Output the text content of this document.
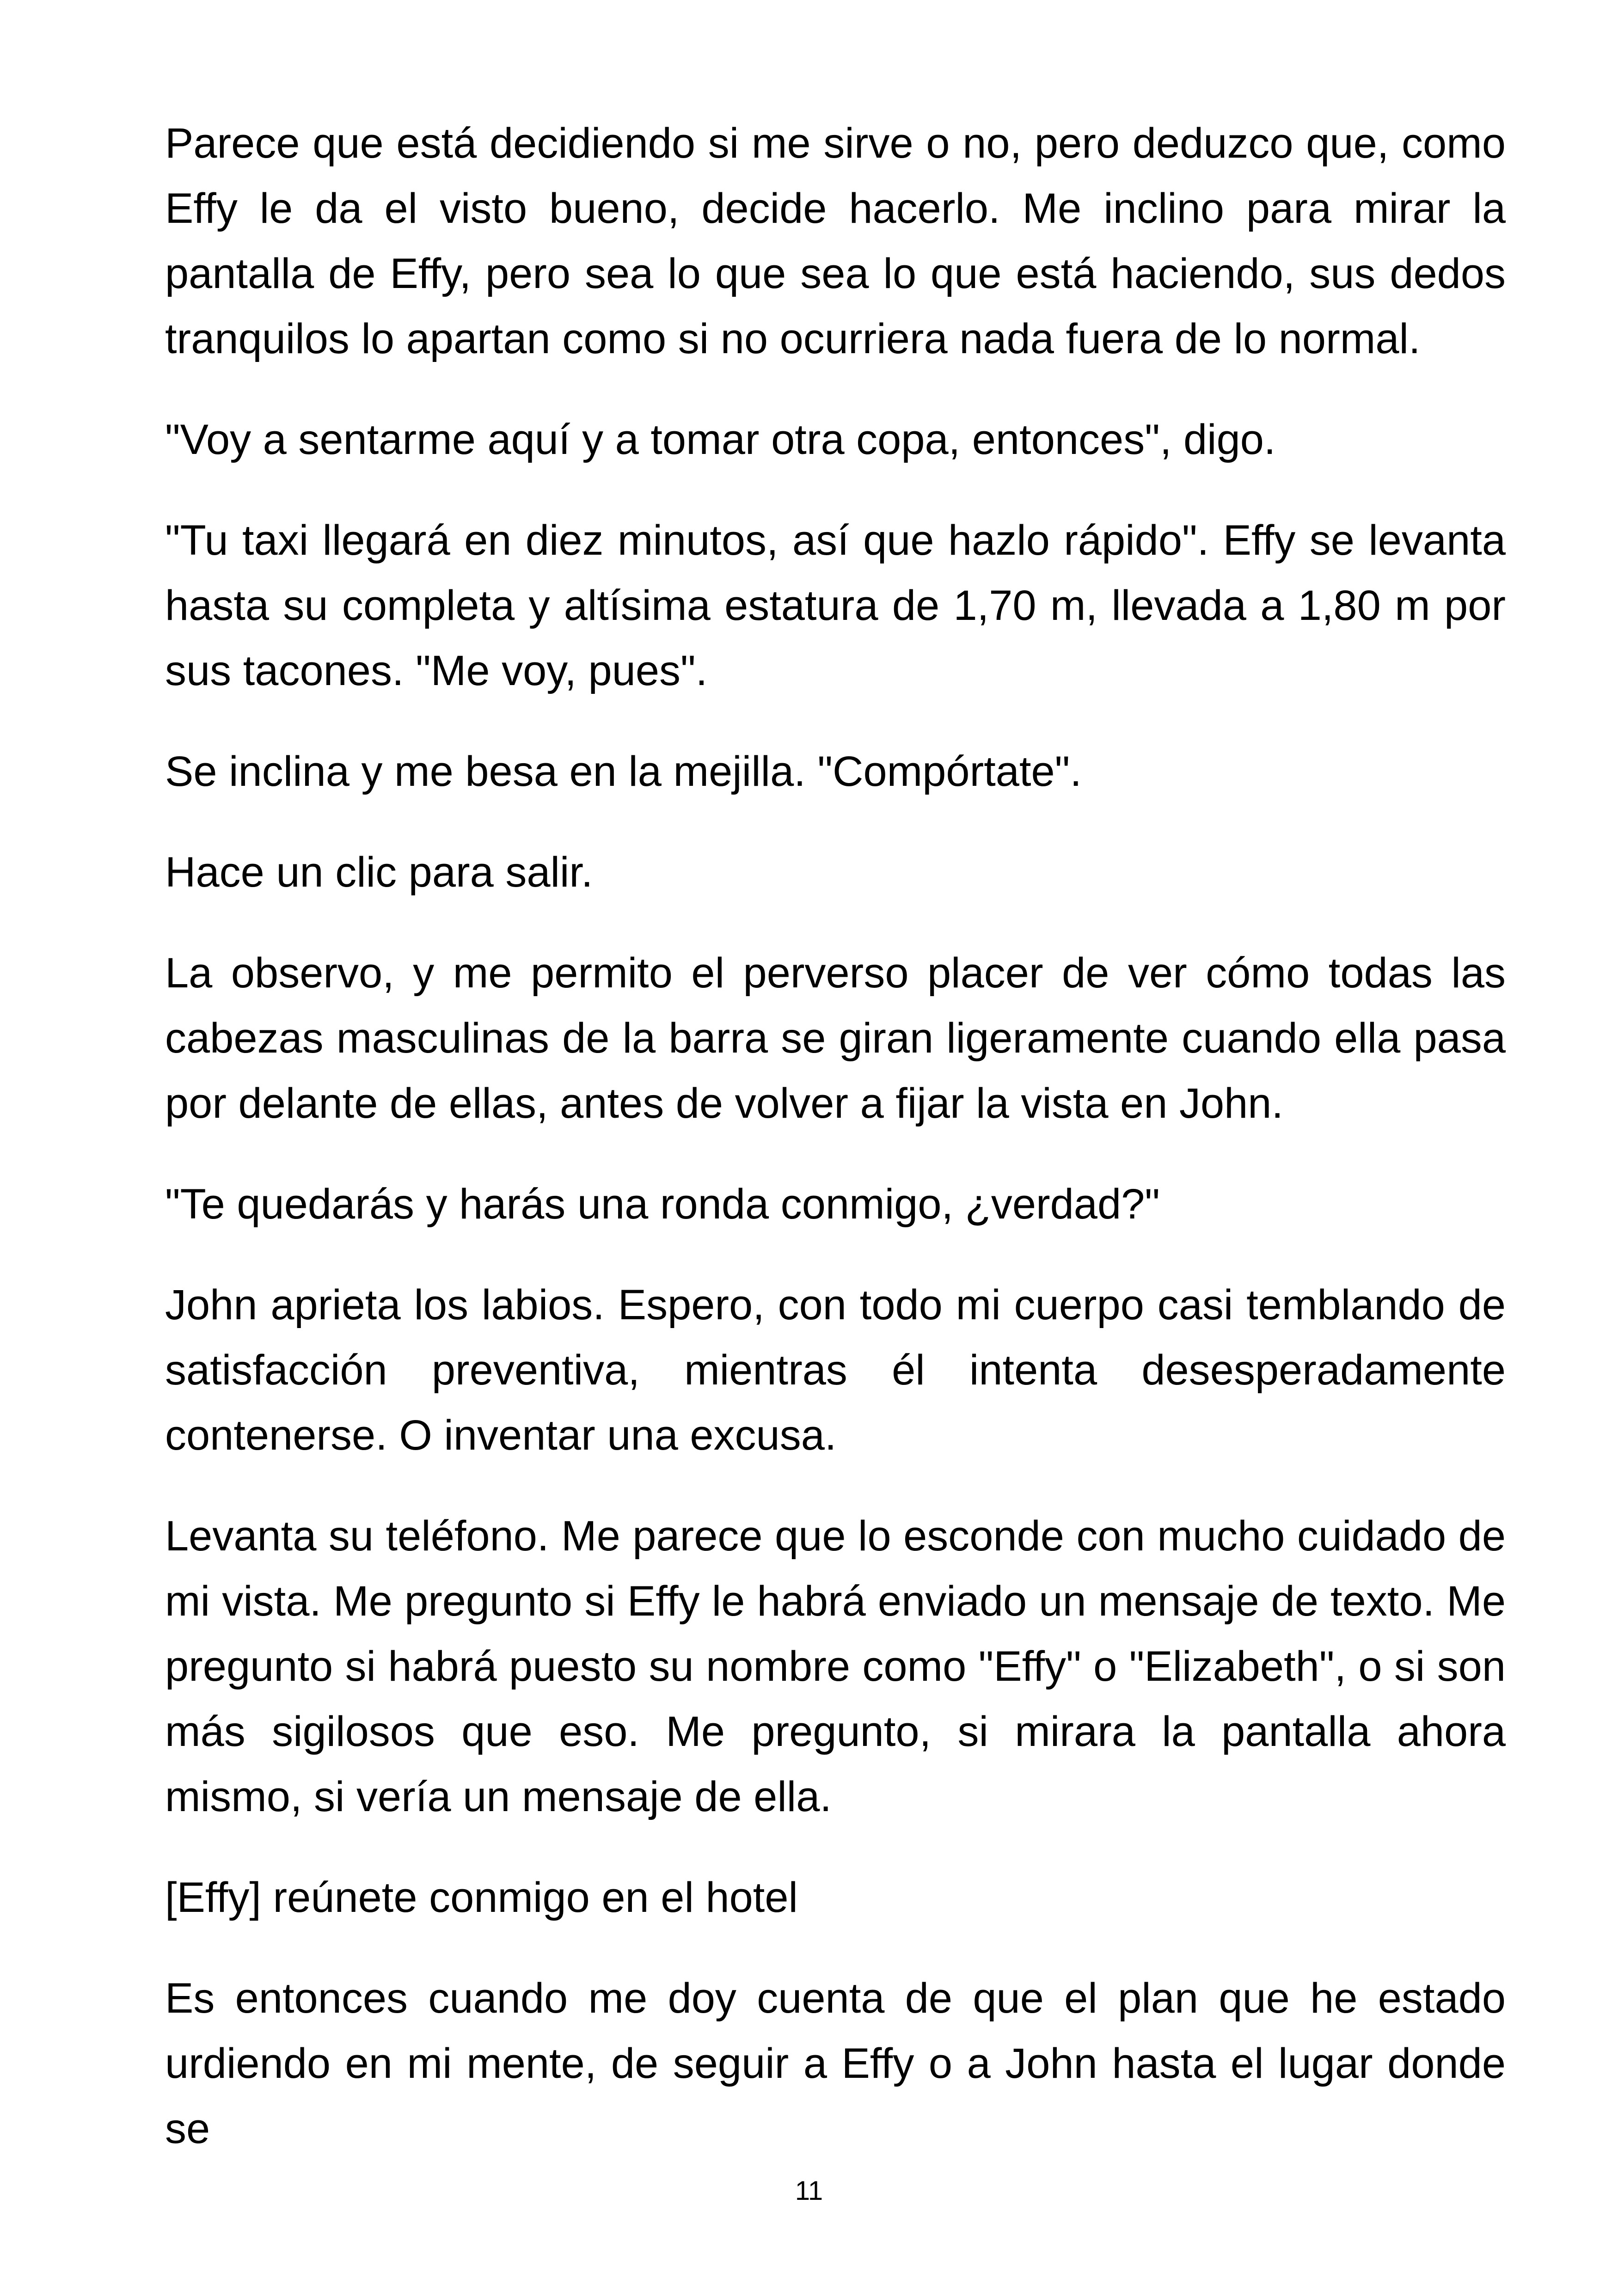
Parece que está decidiendo si me sirve o no, pero deduzco que, como Effy le da el visto bueno, decide hacerlo. Me inclino para mirar la pantalla de Effy, pero sea lo que sea lo que está haciendo, sus dedos tranquilos lo apartan como si no ocurriera nada fuera de lo normal.

"Voy a sentarme aquí y a tomar otra copa, entonces", digo.

"Tu taxi llegará en diez minutos, así que hazlo rápido". Effy se levanta hasta su completa y altísima estatura de 1,70 m, llevada a 1,80 m por sus tacones. "Me voy, pues".

Se inclina y me besa en la mejilla. "Compórtate".

Hace un clic para salir.

La observo, y me permito el perverso placer de ver cómo todas las cabezas masculinas de la barra se giran ligeramente cuando ella pasa por delante de ellas, antes de volver a fijar la vista en John.

"Te quedarás y harás una ronda conmigo, ¿verdad?"

John aprieta los labios. Espero, con todo mi cuerpo casi temblando de satisfacción preventiva, mientras él intenta desesperadamente contenerse. O inventar una excusa.

Levanta su teléfono. Me parece que lo esconde con mucho cuidado de mi vista. Me pregunto si Effy le habrá enviado un mensaje de texto. Me pregunto si habrá puesto su nombre como "Effy" o "Elizabeth", o si son más sigilosos que eso. Me pregunto, si mirara la pantalla ahora mismo, si vería un mensaje de ella.

[Effy] reúnete conmigo en el hotel

Es entonces cuando me doy cuenta de que el plan que he estado urdiendo en mi mente, de seguir a Effy o a John hasta el lugar donde se

11
